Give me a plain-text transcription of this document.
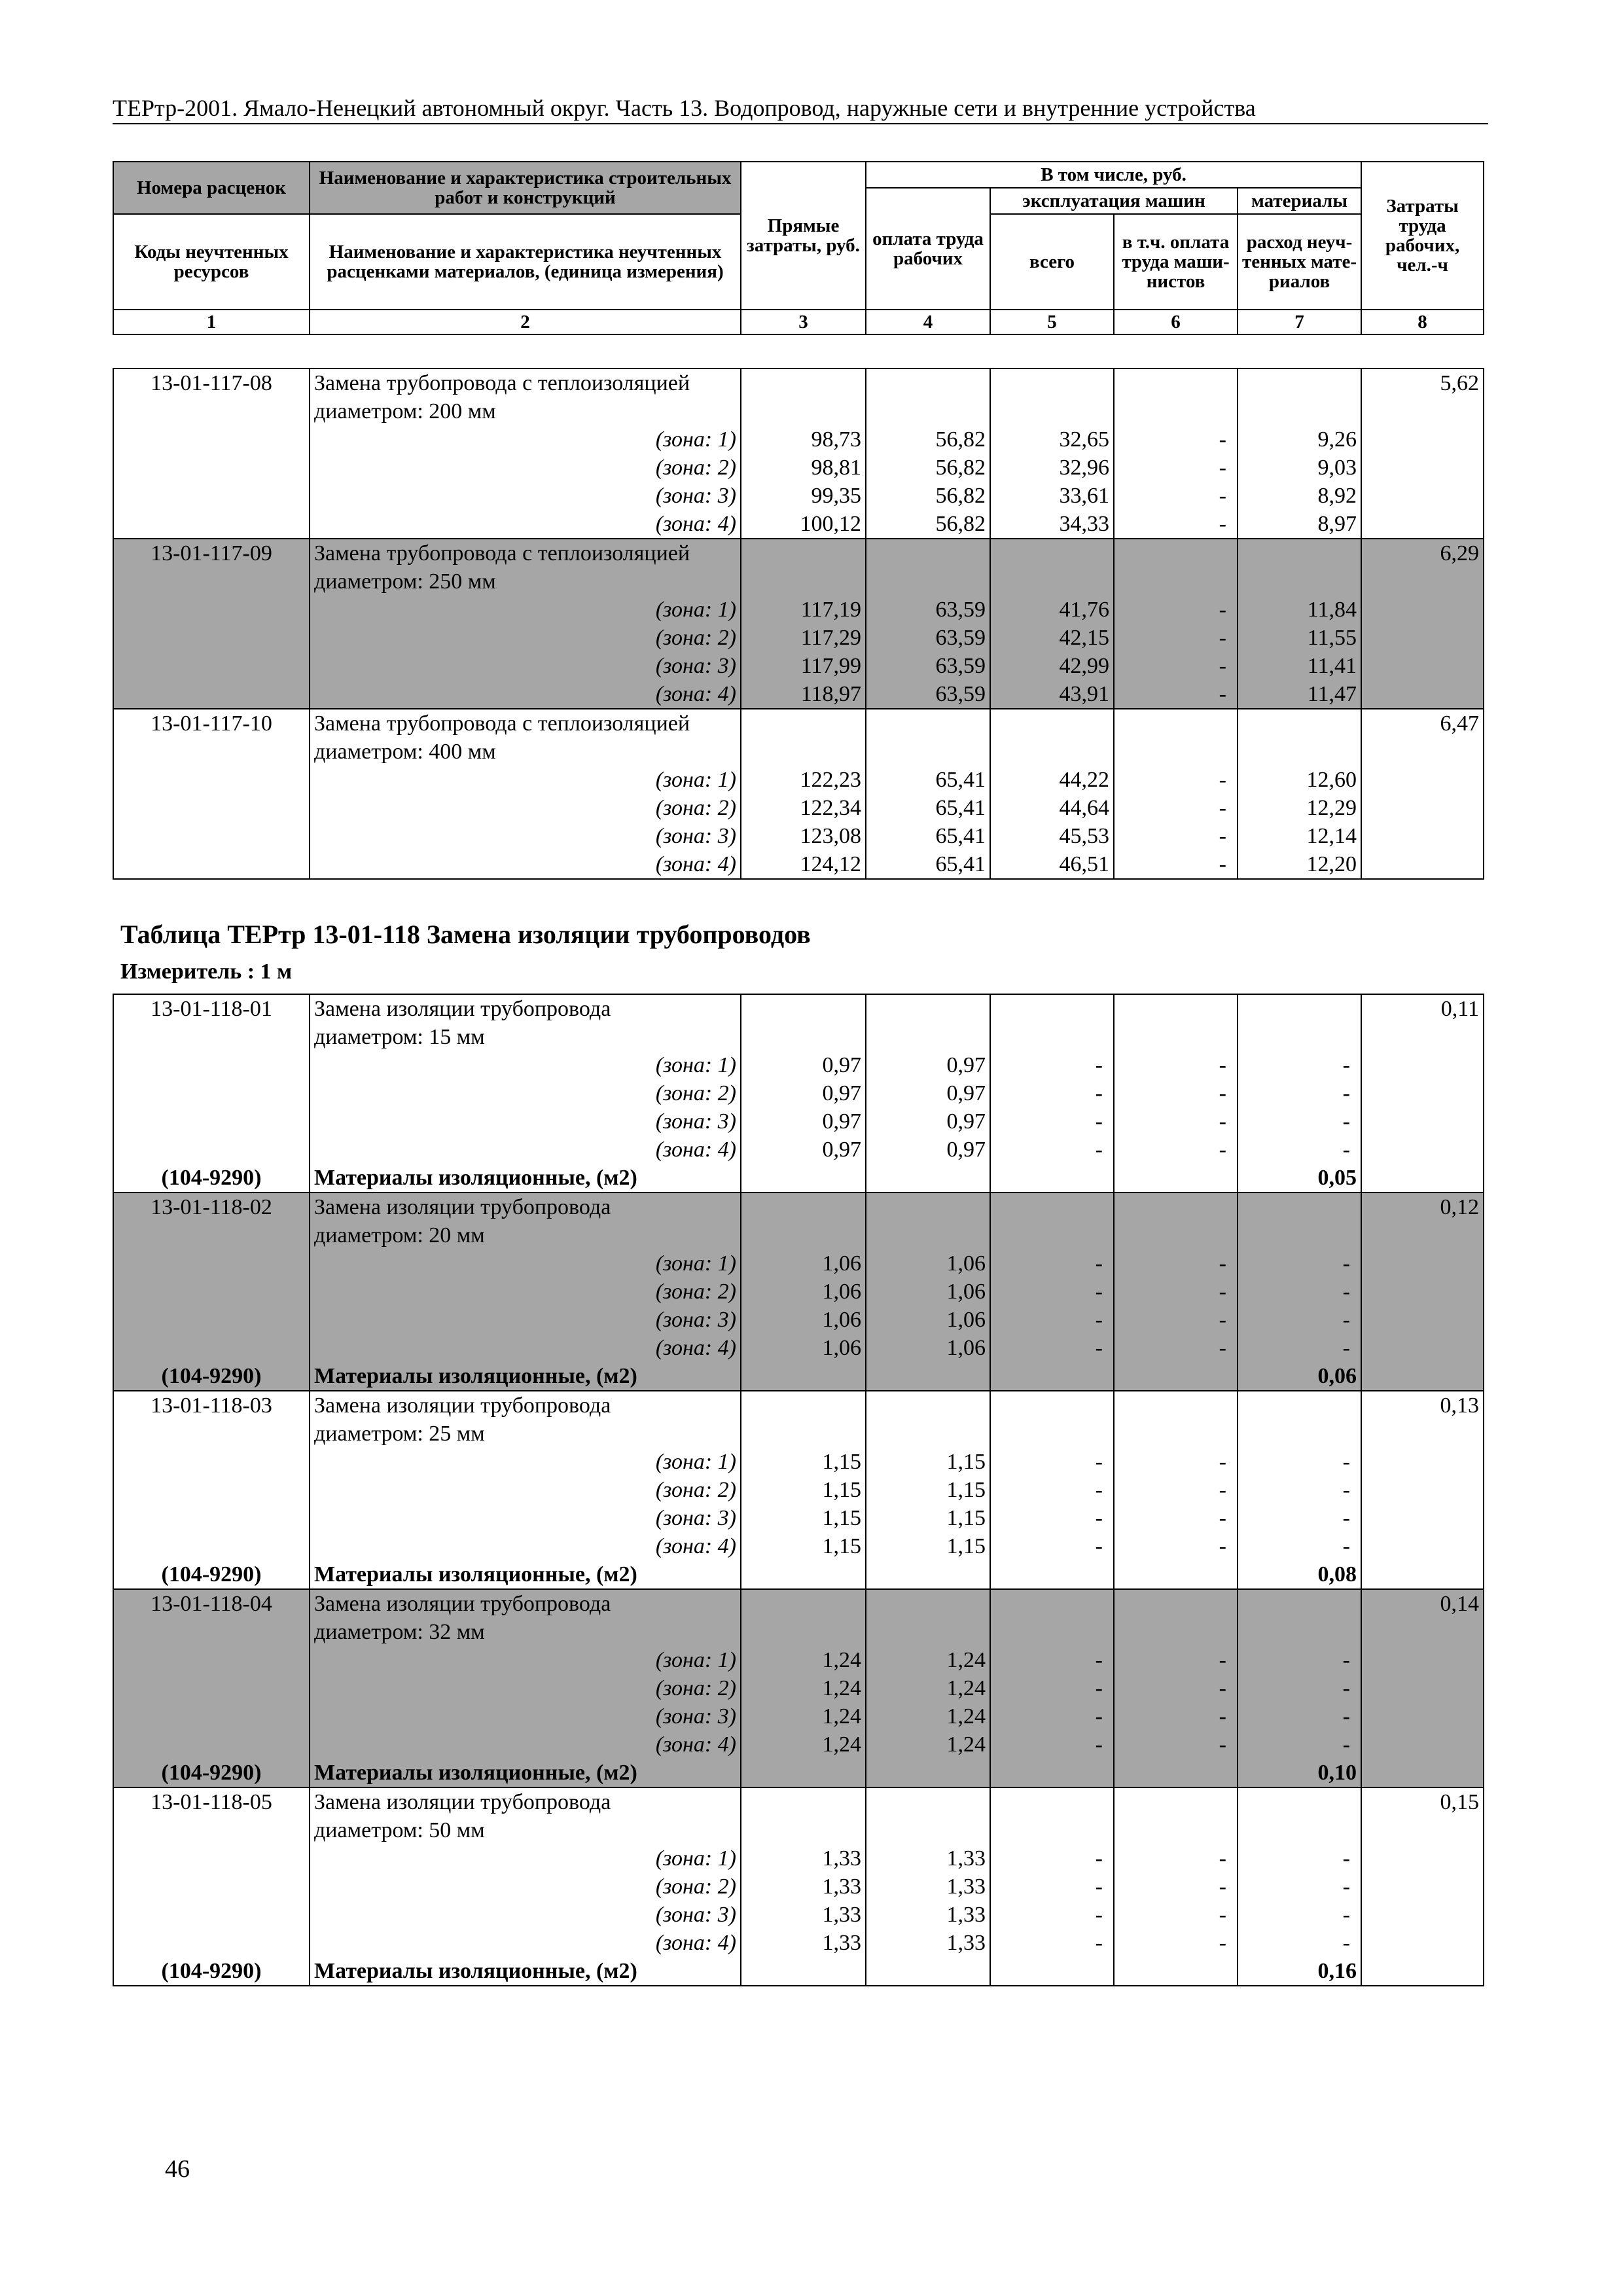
ТЕРтр-2001. Ямало-Ненецкий автономный округ. Часть 13. Водопровод, наружные сети и внутренние устройства
Номера расценок	Наименование и характеристика строительных работ и конструкций	Прямые затраты, руб.	В том числе, руб.				Затраты труда рабочих, чел.-ч
			оплата труда рабочих	эксплуатация машин		материалы	
Коды неучтенных ресурсов	Наименование и характеристика неучтенных расценками материалов, (единица измерения)			всего	в т.ч. оплата труда маши-нистов	расход неуч-тенных мате-риалов	

1	2	3	4	5	6	7	8
13-01-117-08	Замена трубопровода с теплоизоляцией						5,62
	диаметром: 200 мм						
	(зона: 1)	98,73	56,82	32,65	-	9,26	
	(зона: 2)	98,81	56,82	32,96	-	9,03	
	(зона: 3)	99,35	56,82	33,61	-	8,92	
	(зона: 4)	100,12	56,82	34,33	-	8,97	
13-01-117-09	Замена трубопровода с теплоизоляцией						6,29
	диаметром: 250 мм						
	(зона: 1)	117,19	63,59	41,76	-	11,84	
	(зона: 2)	117,29	63,59	42,15	-	11,55	
	(зона: 3)	117,99	63,59	42,99	-	11,41	
	(зона: 4)	118,97	63,59	43,91	-	11,47	
13-01-117-10	Замена трубопровода с теплоизоляцией						6,47
	диаметром: 400 мм						
	(зона: 1)	122,23	65,41	44,22	-	12,60	
	(зона: 2)	122,34	65,41	44,64	-	12,29	
	(зона: 3)	123,08	65,41	45,53	-	12,14	
	(зона: 4)	124,12	65,41	46,51	-	12,20	
Таблица ТЕРтр 13-01-118 Замена изоляции трубопроводов
Измеритель : 1 м
13-01-118-01	Замена изоляции трубопровода						0,11
	диаметром: 15 мм						
	(зона: 1)	0,97	0,97	-	-	-	
	(зона: 2)	0,97	0,97	-	-	-	
	(зона: 3)	0,97	0,97	-	-	-	
	(зона: 4)	0,97	0,97	-	-	-	
(104-9290)	Материалы изоляционные, (м2)					0,05	
13-01-118-02	Замена изоляции трубопровода						0,12
	диаметром: 20 мм						
	(зона: 1)	1,06	1,06	-	-	-	
	(зона: 2)	1,06	1,06	-	-	-	
	(зона: 3)	1,06	1,06	-	-	-	
	(зона: 4)	1,06	1,06	-	-	-	
(104-9290)	Материалы изоляционные, (м2)					0,06	
13-01-118-03	Замена изоляции трубопровода						0,13
	диаметром: 25 мм						
	(зона: 1)	1,15	1,15	-	-	-	
	(зона: 2)	1,15	1,15	-	-	-	
	(зона: 3)	1,15	1,15	-	-	-	
	(зона: 4)	1,15	1,15	-	-	-	
(104-9290)	Материалы изоляционные, (м2)					0,08	
13-01-118-04	Замена изоляции трубопровода						0,14
	диаметром: 32 мм						
	(зона: 1)	1,24	1,24	-	-	-	
	(зона: 2)	1,24	1,24	-	-	-	
	(зона: 3)	1,24	1,24	-	-	-	
	(зона: 4)	1,24	1,24	-	-	-	
(104-9290)	Материалы изоляционные, (м2)					0,10	
13-01-118-05	Замена изоляции трубопровода						0,15
	диаметром: 50 мм						
	(зона: 1)	1,33	1,33	-	-	-	
	(зона: 2)	1,33	1,33	-	-	-	
	(зона: 3)	1,33	1,33	-	-	-	
	(зона: 4)	1,33	1,33	-	-	-	
(104-9290)	Материалы изоляционные, (м2)					0,16	
46
